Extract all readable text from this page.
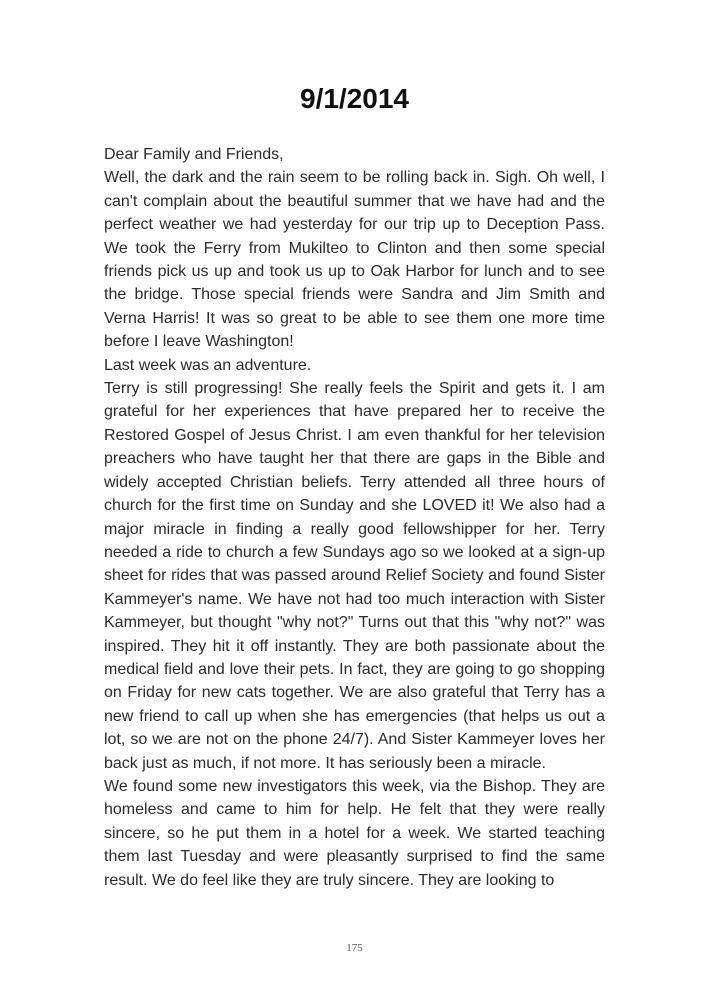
9/1/2014

Dear Family and Friends,

Well, the dark and the rain seem to be rolling back in. Sigh. Oh well, I can't complain about the beautiful summer that we have had and the perfect weather we had yesterday for our trip up to Deception Pass. We took the Ferry from Mukilteo to Clinton and then some special friends pick us up and took us up to Oak Harbor for lunch and to see the bridge. Those special friends were Sandra and Jim Smith and Verna Harris! It was so great to be able to see them one more time before I leave Washington!

Last week was an adventure.

Terry is still progressing! She really feels the Spirit and gets it. I am grateful for her experiences that have prepared her to receive the Restored Gospel of Jesus Christ. I am even thankful for her television preachers who have taught her that there are gaps in the Bible and widely accepted Christian beliefs. Terry attended all three hours of church for the first time on Sunday and she LOVED it! We also had a major miracle in finding a really good fellowshipper for her. Terry needed a ride to church a few Sundays ago so we looked at a sign-up sheet for rides that was passed around Relief Society and found Sister Kammeyer's name. We have not had too much interaction with Sister Kammeyer, but thought "why not?" Turns out that this "why not?" was inspired. They hit it off instantly. They are both passionate about the medical field and love their pets. In fact, they are going to go shopping on Friday for new cats together. We are also grateful that Terry has a new friend to call up when she has emergencies (that helps us out a lot, so we are not on the phone 24/7). And Sister Kammeyer loves her back just as much, if not more. It has seriously been a miracle.

We found some new investigators this week, via the Bishop. They are homeless and came to him for help. He felt that they were really sincere, so he put them in a hotel for a week. We started teaching them last Tuesday and were pleasantly surprised to find the same result. We do feel like they are truly sincere. They are looking to

175
